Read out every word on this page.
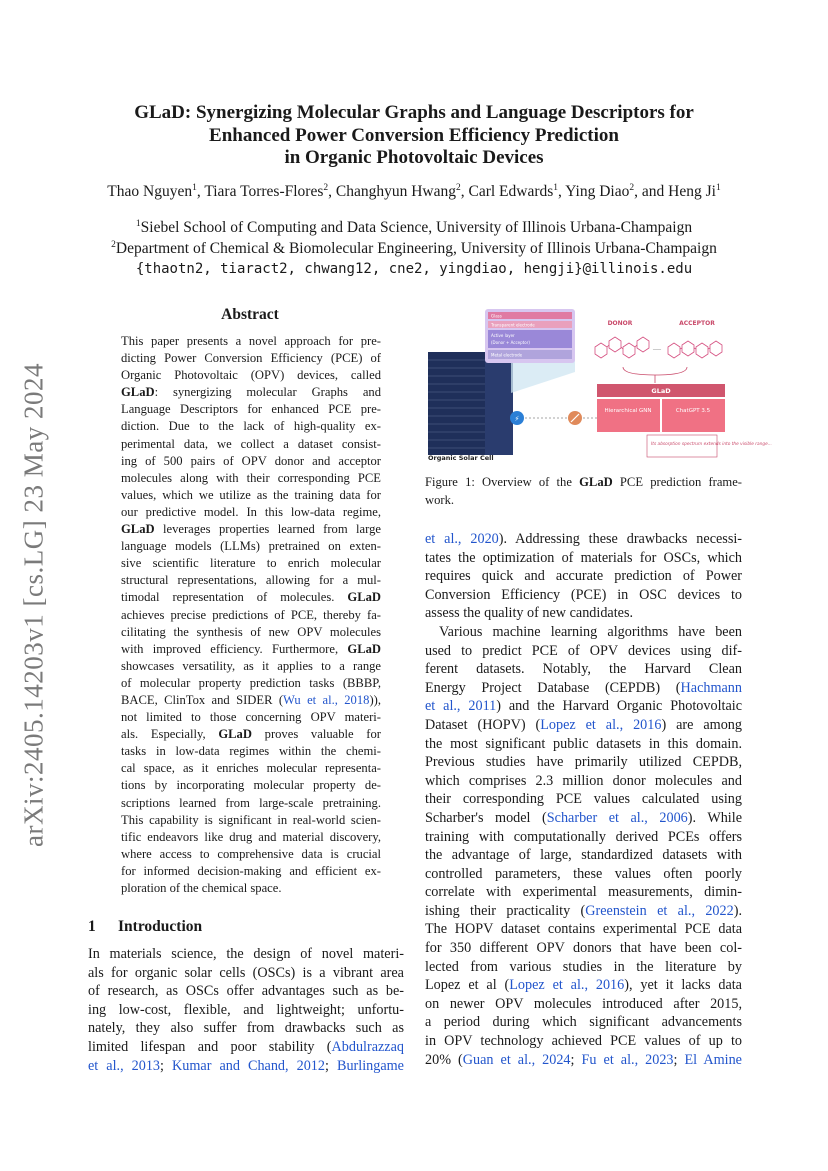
arXiv:2405.14203v1 [cs.LG] 23 May 2024
GLaD: Synergizing Molecular Graphs and Language Descriptors for
Enhanced Power Conversion Efficiency Prediction
in Organic Photovoltaic Devices
Thao Nguyen$^1$, Tiara Torres-Flores$^2$, Changhyun Hwang$^2$, Carl Edwards$^1$, Ying Diao$^2$, and Heng Ji$^1$
$^1$Siebel School of Computing and Data Science, University of Illinois Urbana-Champaign
$^2$Department of Chemical & Biomolecular Engineering, University of Illinois Urbana-Champaign
{thaotn2, tiaract2, chwang12, cne2, yingdiao, hengji}@illinois.edu
Abstract
This paper presents a novel approach for pre-
dicting Power Conversion Efficiency (PCE) of
Organic Photovoltaic (OPV) devices, called
GLaD: synergizing molecular Graphs and
Language Descriptors for enhanced PCE pre-
diction. Due to the lack of high-quality ex-
perimental data, we collect a dataset consist-
ing of 500 pairs of OPV donor and acceptor
molecules along with their corresponding PCE
values, which we utilize as the training data for
our predictive model. In this low-data regime,
GLaD leverages properties learned from large
language models (LLMs) pretrained on exten-
sive scientific literature to enrich molecular
structural representations, allowing for a mul-
timodal representation of molecules. GLaD
achieves precise predictions of PCE, thereby fa-
cilitating the synthesis of new OPV molecules
with improved efficiency. Furthermore, GLaD
showcases versatility, as it applies to a range
of molecular property prediction tasks (BBBP,
BACE, ClinTox and SIDER (Wu et al., 2018)),
not limited to those concerning OPV materi-
als. Especially, GLaD proves valuable for
tasks in low-data regimes within the chemi-
cal space, as it enriches molecular representa-
tions by incorporating molecular property de-
scriptions learned from large-scale pretraining.
This capability is significant in real-world scien-
tific endeavors like drug and material discovery,
where access to comprehensive data is crucial
for informed decision-making and efficient ex-
ploration of the chemical space.
1 Introduction
In materials science, the design of novel materi-
als for organic solar cells (OSCs) is a vibrant area
of research, as OSCs offer advantages such as be-
ing low-cost, flexible, and lightweight; unfortu-
nately, they also suffer from drawbacks such as
limited lifespan and poor stability (Abdulrazzaq
et al., 2013; Kumar and Chand, 2012; Burlingame
Glass
Transparent electrode
Active layer
(Donor + Acceptor)
Metal electrode
Organic Solar Cell
⚡
DONOR	ACCEPTOR
—
GLaD
Hierarchical GNN	ChatGPT 3.5
Its absorption spectrum extends into the visible range...
Figure 1: Overview of the GLaD PCE prediction frame-
work.
et al., 2020). Addressing these drawbacks necessi-
tates the optimization of materials for OSCs, which
requires quick and accurate prediction of Power
Conversion Efficiency (PCE) in OSC devices to
assess the quality of new candidates.
Various machine learning algorithms have been
used to predict PCE of OPV devices using dif-
ferent datasets. Notably, the Harvard Clean
Energy Project Database (CEPDB) (Hachmann
et al., 2011) and the Harvard Organic Photovoltaic
Dataset (HOPV) (Lopez et al., 2016) are among
the most significant public datasets in this domain.
Previous studies have primarily utilized CEPDB,
which comprises 2.3 million donor molecules and
their corresponding PCE values calculated using
Scharber's model (Scharber et al., 2006). While
training with computationally derived PCEs offers
the advantage of large, standardized datasets with
controlled parameters, these values often poorly
correlate with experimental measurements, dimin-
ishing their practicality (Greenstein et al., 2022).
The HOPV dataset contains experimental PCE data
for 350 different OPV donors that have been col-
lected from various studies in the literature by
Lopez et al (Lopez et al., 2016), yet it lacks data
on newer OPV molecules introduced after 2015,
a period during which significant advancements
in OPV technology achieved PCE values of up to
20% (Guan et al., 2024; Fu et al., 2023; El Amine
